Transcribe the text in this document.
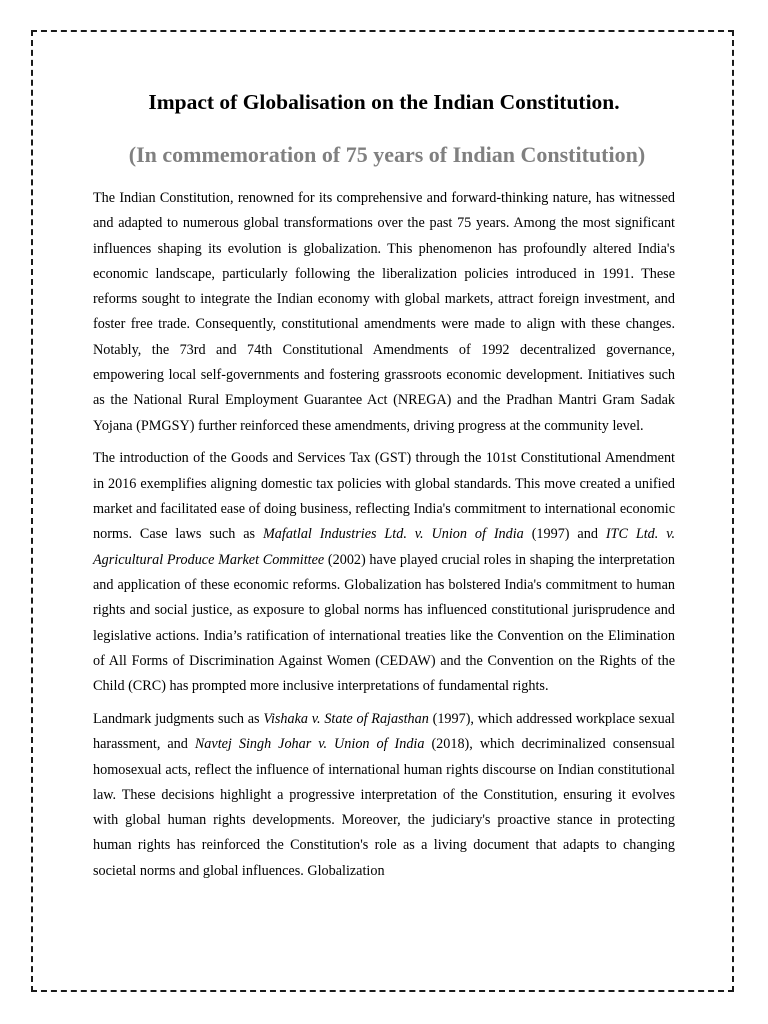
Impact of Globalisation on the Indian Constitution.
(In commemoration of 75 years of Indian Constitution)

The Indian Constitution, renowned for its comprehensive and forward-thinking nature, has witnessed and adapted to numerous global transformations over the past 75 years. Among the most significant influences shaping its evolution is globalization. This phenomenon has profoundly altered India's economic landscape, particularly following the liberalization policies introduced in 1991. These reforms sought to integrate the Indian economy with global markets, attract foreign investment, and foster free trade. Consequently, constitutional amendments were made to align with these changes. Notably, the 73rd and 74th Constitutional Amendments of 1992 decentralized governance, empowering local self-governments and fostering grassroots economic development. Initiatives such as the National Rural Employment Guarantee Act (NREGA) and the Pradhan Mantri Gram Sadak Yojana (PMGSY) further reinforced these amendments, driving progress at the community level.

The introduction of the Goods and Services Tax (GST) through the 101st Constitutional Amendment in 2016 exemplifies aligning domestic tax policies with global standards. This move created a unified market and facilitated ease of doing business, reflecting India's commitment to international economic norms. Case laws such as Mafatlal Industries Ltd. v. Union of India (1997) and ITC Ltd. v. Agricultural Produce Market Committee (2002) have played crucial roles in shaping the interpretation and application of these economic reforms. Globalization has bolstered India's commitment to human rights and social justice, as exposure to global norms has influenced constitutional jurisprudence and legislative actions. India’s ratification of international treaties like the Convention on the Elimination of All Forms of Discrimination Against Women (CEDAW) and the Convention on the Rights of the Child (CRC) has prompted more inclusive interpretations of fundamental rights.

Landmark judgments such as Vishaka v. State of Rajasthan (1997), which addressed workplace sexual harassment, and Navtej Singh Johar v. Union of India (2018), which decriminalized consensual homosexual acts, reflect the influence of international human rights discourse on Indian constitutional law. These decisions highlight a progressive interpretation of the Constitution, ensuring it evolves with global human rights developments. Moreover, the judiciary's proactive stance in protecting human rights has reinforced the Constitution's role as a living document that adapts to changing societal norms and global influences. Globalization
